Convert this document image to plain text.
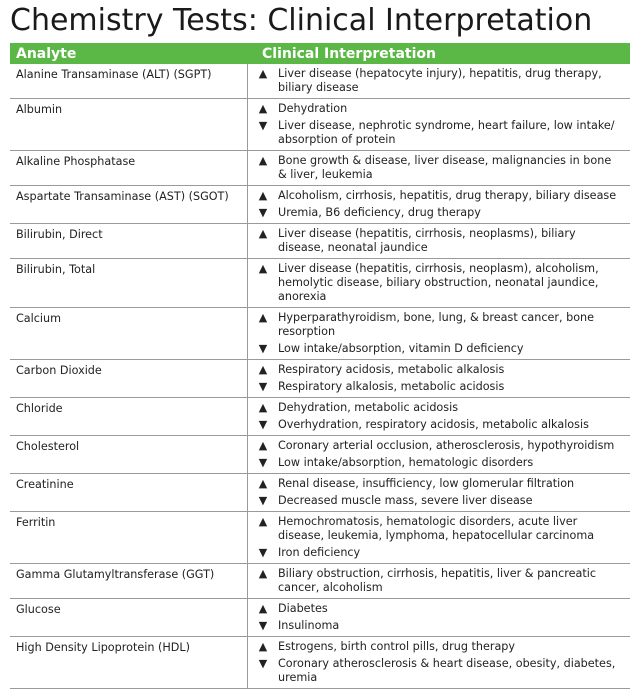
Chemistry Tests: Clinical Interpretation
Analyte	Clinical Interpretation
Alanine Transaminase (ALT) (SGPT)	▲ Liver disease (hepatocyte injury), hepatitis, drug therapy, biliary disease
Albumin	▲ Dehydration
▼ Liver disease, nephrotic syndrome, heart failure, low intake/ absorption of protein
Alkaline Phosphatase	▲ Bone growth & disease, liver disease, malignancies in bone & liver, leukemia
Aspartate Transaminase (AST) (SGOT)	▲ Alcoholism, cirrhosis, hepatitis, drug therapy, biliary disease
▼ Uremia, B6 deficiency, drug therapy
Bilirubin, Direct	▲ Liver disease (hepatitis, cirrhosis, neoplasms), biliary disease, neonatal jaundice
Bilirubin, Total	▲ Liver disease (hepatitis, cirrhosis, neoplasm), alcoholism, hemolytic disease, biliary obstruction, neonatal jaundice, anorexia
Calcium	▲ Hyperparathyroidism, bone, lung, & breast cancer, bone resorption
▼ Low intake/absorption, vitamin D deficiency
Carbon Dioxide	▲ Respiratory acidosis, metabolic alkalosis
▼ Respiratory alkalosis, metabolic acidosis
Chloride	▲ Dehydration, metabolic acidosis
▼ Overhydration, respiratory acidosis, metabolic alkalosis
Cholesterol	▲ Coronary arterial occlusion, atherosclerosis, hypothyroidism
▼ Low intake/absorption, hematologic disorders
Creatinine	▲ Renal disease, insufficiency, low glomerular filtration
▼ Decreased muscle mass, severe liver disease
Ferritin	▲ Hemochromatosis, hematologic disorders, acute liver disease, leukemia, lymphoma, hepatocellular carcinoma
▼ Iron deficiency
Gamma Glutamyltransferase (GGT)	▲ Biliary obstruction, cirrhosis, hepatitis, liver & pancreatic cancer, alcoholism
Glucose	▲ Diabetes
▼ Insulinoma
High Density Lipoprotein (HDL)	▲ Estrogens, birth control pills, drug therapy
▼ Coronary atherosclerosis & heart disease, obesity, diabetes, uremia
